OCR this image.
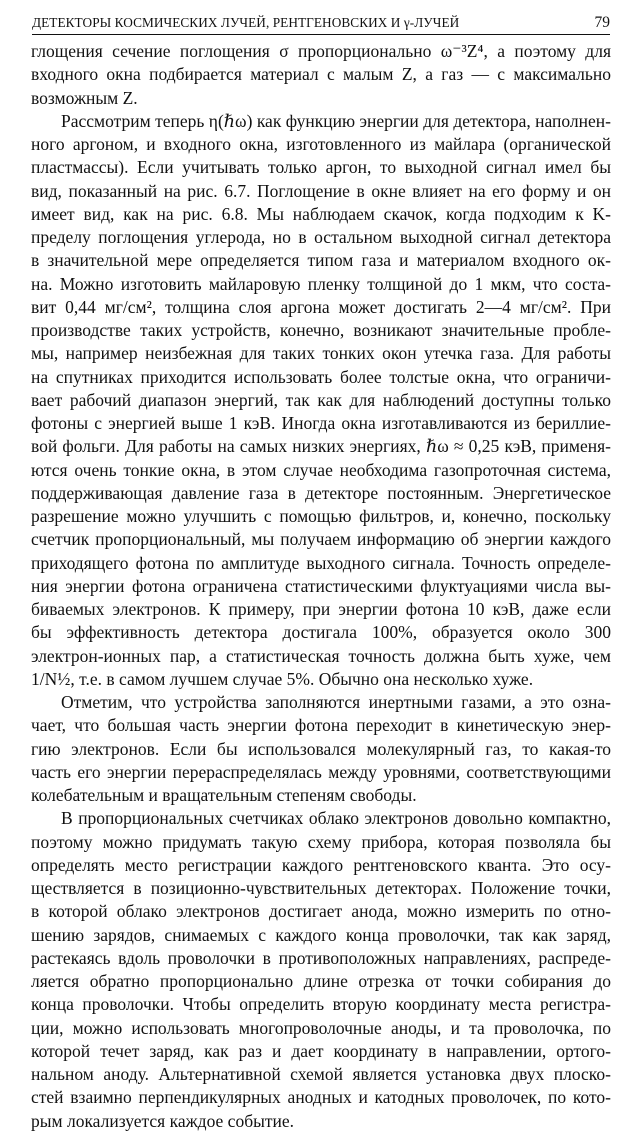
ДЕТЕКТОРЫ КОСМИЧЕСКИХ ЛУЧЕЙ, РЕНТГЕНОВСКИХ И γ-ЛУЧЕЙ	79
глощения сечение поглощения σ пропорционально ω⁻³Z⁴, а поэтому для
входного окна подбирается материал с малым Z, а газ — с максимально
возможным Z.
Рассмотрим теперь η(ℏω) как функцию энергии для детектора, наполнен-
ного аргоном, и входного окна, изготовленного из майлара (органической
пластмассы). Если учитывать только аргон, то выходной сигнал имел бы
вид, показанный на рис. 6.7. Поглощение в окне влияет на его форму и он
имеет вид, как на рис. 6.8. Мы наблюдаем скачок, когда подходим к K-
пределу поглощения углерода, но в остальном выходной сигнал детектора
в значительной мере определяется типом газа и материалом входного ок-
на. Можно изготовить майларовую пленку толщиной до 1 мкм, что состa-
вит 0,44 мг/см², толщина слоя аргона может достигать 2—4 мг/см². При
производстве таких устройств, конечно, возникают значительные пробле-
мы, например неизбежная для таких тонких окон утечка газа. Для работы
на спутниках приходится использовать более толстые окна, что ограничи-
вает рабочий диапазон энергий, так как для наблюдений доступны только
фотоны с энергией выше 1 кэВ. Иногда окна изготавливаются из бериллие-
вой фольги. Для работы на самых низких энергиях, ℏω ≈ 0,25 кэВ, применя-
ются очень тонкие окна, в этом случае необходима газопроточная система,
поддерживающая давление газа в детекторе постоянным. Энергетическое
разрешение можно улучшить с помощью фильтров, и, конечно, поскольку
счетчик пропорциональный, мы получаем информацию об энергии каждого
приходящего фотона по амплитуде выходного сигнала. Точность определе-
ния энергии фотона ограничена статистическими флуктуациями числа вы-
биваемых электронов. К примеру, при энергии фотона 10 кэВ, даже если
бы эффективность детектора достигала 100%, образуется около 300
электрон-ионных пар, а статистическая точность должна быть хуже, чем
1/N½, т.е. в самом лучшем случае 5%. Обычно она несколько хуже.
Отметим, что устройства заполняются инертными газами, а это озна-
чает, что большая часть энергии фотона переходит в кинетическую энер-
гию электронов. Если бы использовался молекулярный газ, то какая-то
часть его энергии перераспределялась между уровнями, соответствующими
колебательным и вращательным степеням свободы.
В пропорциональных счетчиках облако электронов довольно компактно,
поэтому можно придумать такую схему прибора, которая позволяла бы
определять место регистрации каждого рентгеновского кванта. Это осу-
ществляется в позиционно-чувствительных детекторах. Положение точки,
в которой облако электронов достигает анода, можно измерить по отно-
шению зарядов, снимаемых с каждого конца проволочки, так как заряд,
растекаясь вдоль проволочки в противоположных направлениях, распреде-
ляется обратно пропорционально длине отрезка от точки собирания до
конца проволочки. Чтобы определить вторую координату места регистра-
ции, можно использовать многопроволочные аноды, и та проволочка, по
которой течет заряд, как раз и дает координату в направлении, ортого-
нальном аноду. Альтернативной схемой является установка двух плоско-
стей взаимно перпендикулярных анодных и катодных проволочек, по кото-
рым локализуется каждое событие.
